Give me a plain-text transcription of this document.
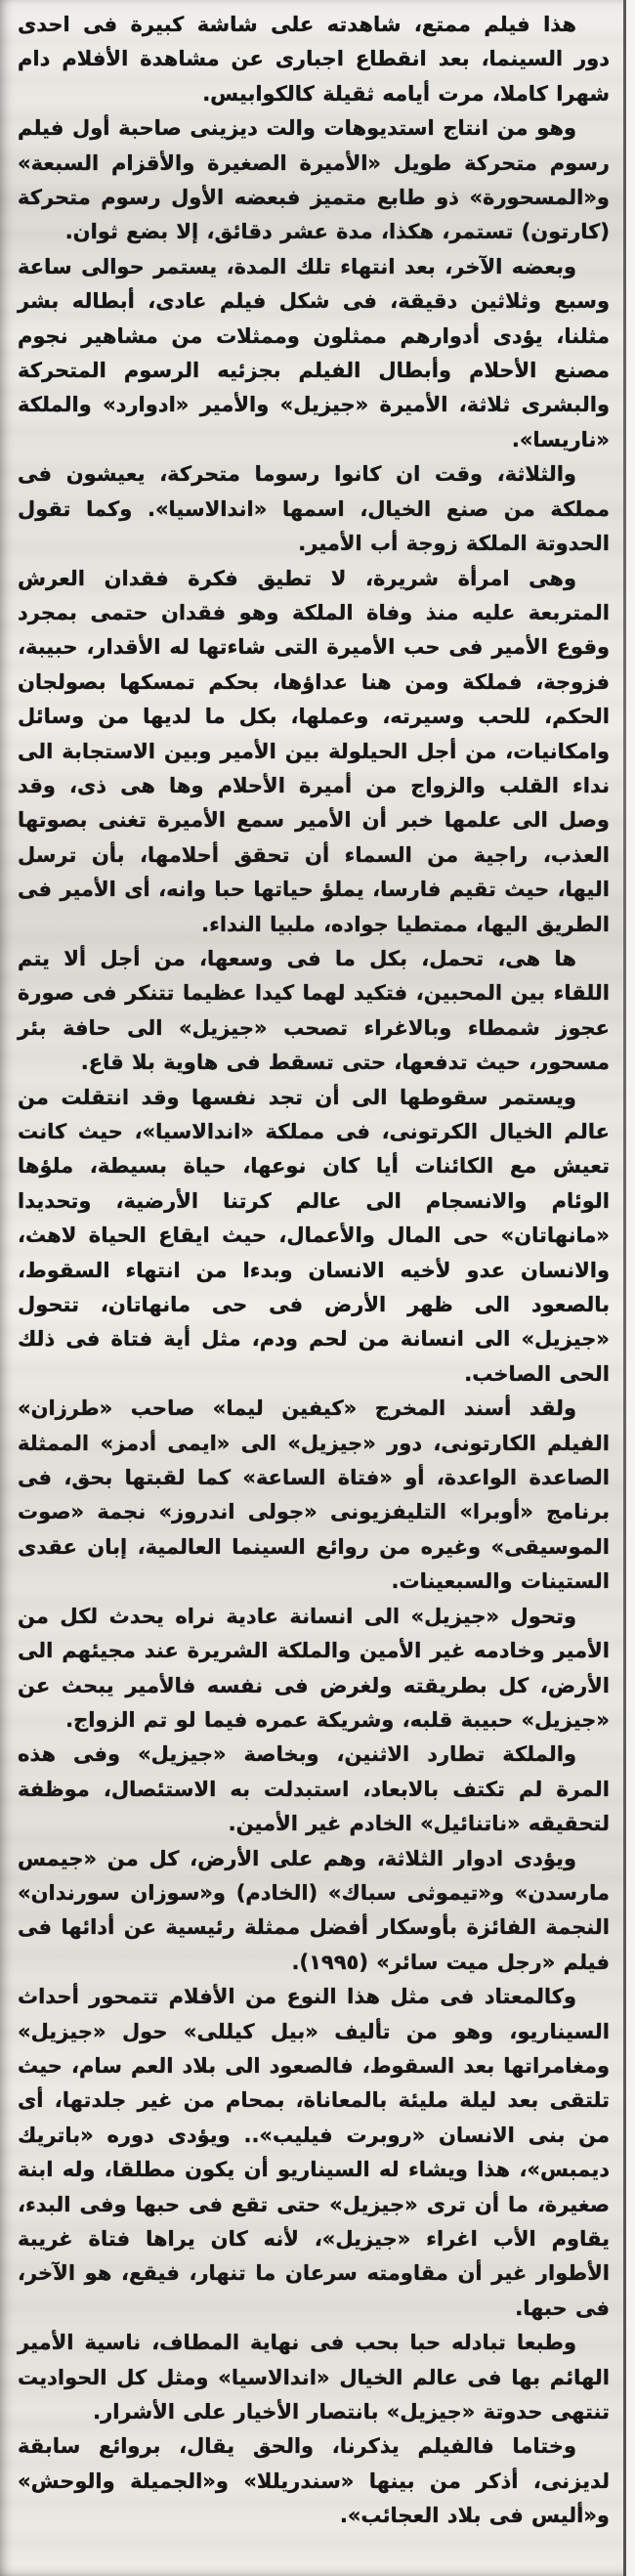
هذا فيلم ممتع، شاهدته على شاشة كبيرة فى احدى دور السينما، بعد انقطاع اجبارى عن مشاهدة الأفلام دام شهرا كاملا، مرت أيامه ثقيلة كالكوابيس.

وهو من انتاج استديوهات والت ديزينى صاحبة أول فيلم رسوم متحركة طويل «الأميرة الصغيرة والأقزام السبعة» و«المسحورة» ذو طابع متميز فبعضه الأول رسوم متحركة (كارتون) تستمر، هكذا، مدة عشر دقائق، إلا بضع ثوان.

وبعضه الآخر، بعد انتهاء تلك المدة، يستمر حوالى ساعة وسبع وثلاثين دقيقة، فى شكل فيلم عادى، أبطاله بشر مثلنا، يؤدى أدوارهم ممثلون وممثلات من مشاهير نجوم مصنع الأحلام وأبطال الفيلم بجزئيه الرسوم المتحركة والبشرى ثلاثة، الأميرة «جيزيل» والأمير «ادوارد» والملكة «ناريسا».

والثلاثة، وقت ان كانوا رسوما متحركة، يعيشون فى مملكة من صنع الخيال، اسمها «اندالاسيا». وكما تقول الحدوتة الملكة زوجة أب الأمير.

وهى امرأة شريرة، لا تطيق فكرة فقدان العرش المتربعة عليه منذ وفاة الملكة وهو فقدان حتمى بمجرد وقوع الأمير فى حب الأميرة التى شاءتها له الأقدار، حبيبة، فزوجة، فملكة ومن هنا عداؤها، بحكم تمسكها بصولجان الحكم، للحب وسيرته، وعملها، بكل ما لديها من وسائل وامكانيات، من أجل الحيلولة بين الأمير وبين الاستجابة الى نداء القلب والزواج من أميرة الأحلام وها هى ذى، وقد وصل الى علمها خبر أن الأمير سمع الأميرة تغنى بصوتها العذب، راجية من السماء أن تحقق أحلامها، بأن ترسل اليها، حيث تقيم فارسا، يملؤ حياتها حبا وانه، أى الأمير فى الطريق اليها، ممتطيا جواده، ملبيا النداء.

ها هى، تحمل، بكل ما فى وسعها، من أجل ألا يتم اللقاء بين المحبين، فتكيد لهما كيدا عظيما تتنكر فى صورة عجوز شمطاء وبالاغراء تصحب «جيزيل» الى حافة بئر مسحور، حيث تدفعها، حتى تسقط فى هاوية بلا قاع.

ويستمر سقوطها الى أن تجد نفسها وقد انتقلت من عالم الخيال الكرتونى، فى مملكة «اندالاسيا»، حيث كانت تعيش مع الكائنات أيا كان نوعها، حياة بسيطة، ملؤها الوئام والانسجام الى عالم كرتنا الأرضية، وتحديدا «مانهاتان» حى المال والأعمال، حيث ايقاع الحياة لاهث، والانسان عدو لأخيه الانسان وبدءا من انتهاء السقوط، بالصعود الى ظهر الأرض فى حى مانهاتان، تتحول «جيزيل» الى انسانة من لحم ودم، مثل أية فتاة فى ذلك الحى الصاخب.

ولقد أسند المخرج «كيفين ليما» صاحب «طرزان» الفيلم الكارتونى، دور «جيزيل» الى «ايمى أدمز» الممثلة الصاعدة الواعدة، أو «فتاة الساعة» كما لقبتها بحق، فى برنامج «أوبرا» التليفزيونى «جولى اندروز» نجمة «صوت الموسيقى» وغيره من روائع السينما العالمية، إبان عقدى الستينات والسبعينات.

وتحول «جيزيل» الى انسانة عادية نراه يحدث لكل من الأمير وخادمه غير الأمين والملكة الشريرة عند مجيئهم الى الأرض، كل بطريقته ولغرض فى نفسه فالأمير يبحث عن «جيزيل» حبيبة قلبه، وشريكة عمره فيما لو تم الزواج.

والملكة تطارد الاثنين، وبخاصة «جيزيل» وفى هذه المرة لم تكتف بالابعاد، استبدلت به الاستئصال، موظفة لتحقيقه «ناتنائيل» الخادم غير الأمين.

ويؤدى ادوار الثلاثة، وهم على الأرض، كل من «جيمس مارسدن» و«تيموثى سباك» (الخادم) و«سوزان سورندان» النجمة الفائزة بأوسكار أفضل ممثلة رئيسية عن أدائها فى فيلم «رجل ميت سائر» (١٩٩٥).

وكالمعتاد فى مثل هذا النوع من الأفلام تتمحور أحداث السيناريو، وهو من تأليف «بيل كيللى» حول «جيزيل» ومغامراتها بعد السقوط، فالصعود الى بلاد العم سام، حيث تلتقى بعد ليلة مليئة بالمعاناة، بمحام من غير جلدتها، أى من بنى الانسان «روبرت فيليب».. ويؤدى دوره «باتريك ديمبس»، هذا ويشاء له السيناريو أن يكون مطلقا، وله ابنة صغيرة، ما أن ترى «جيزيل» حتى تقع فى حبها وفى البدء، يقاوم الأب اغراء «جيزيل»، لأنه كان يراها فتاة غريبة الأطوار غير أن مقاومته سرعان ما تنهار، فيقع، هو الآخر، فى حبها.

وطبعا تبادله حبا بحب فى نهاية المطاف، ناسية الأمير الهائم بها فى عالم الخيال «اندالاسيا» ومثل كل الحواديت تنتهى حدوتة «جيزيل» بانتصار الأخيار على الأشرار.

وختاما فالفيلم يذكرنا، والحق يقال، بروائع سابقة لديزنى، أذكر من بينها «سندريللا» و«الجميلة والوحش» و«أليس فى بلاد العجائب».
